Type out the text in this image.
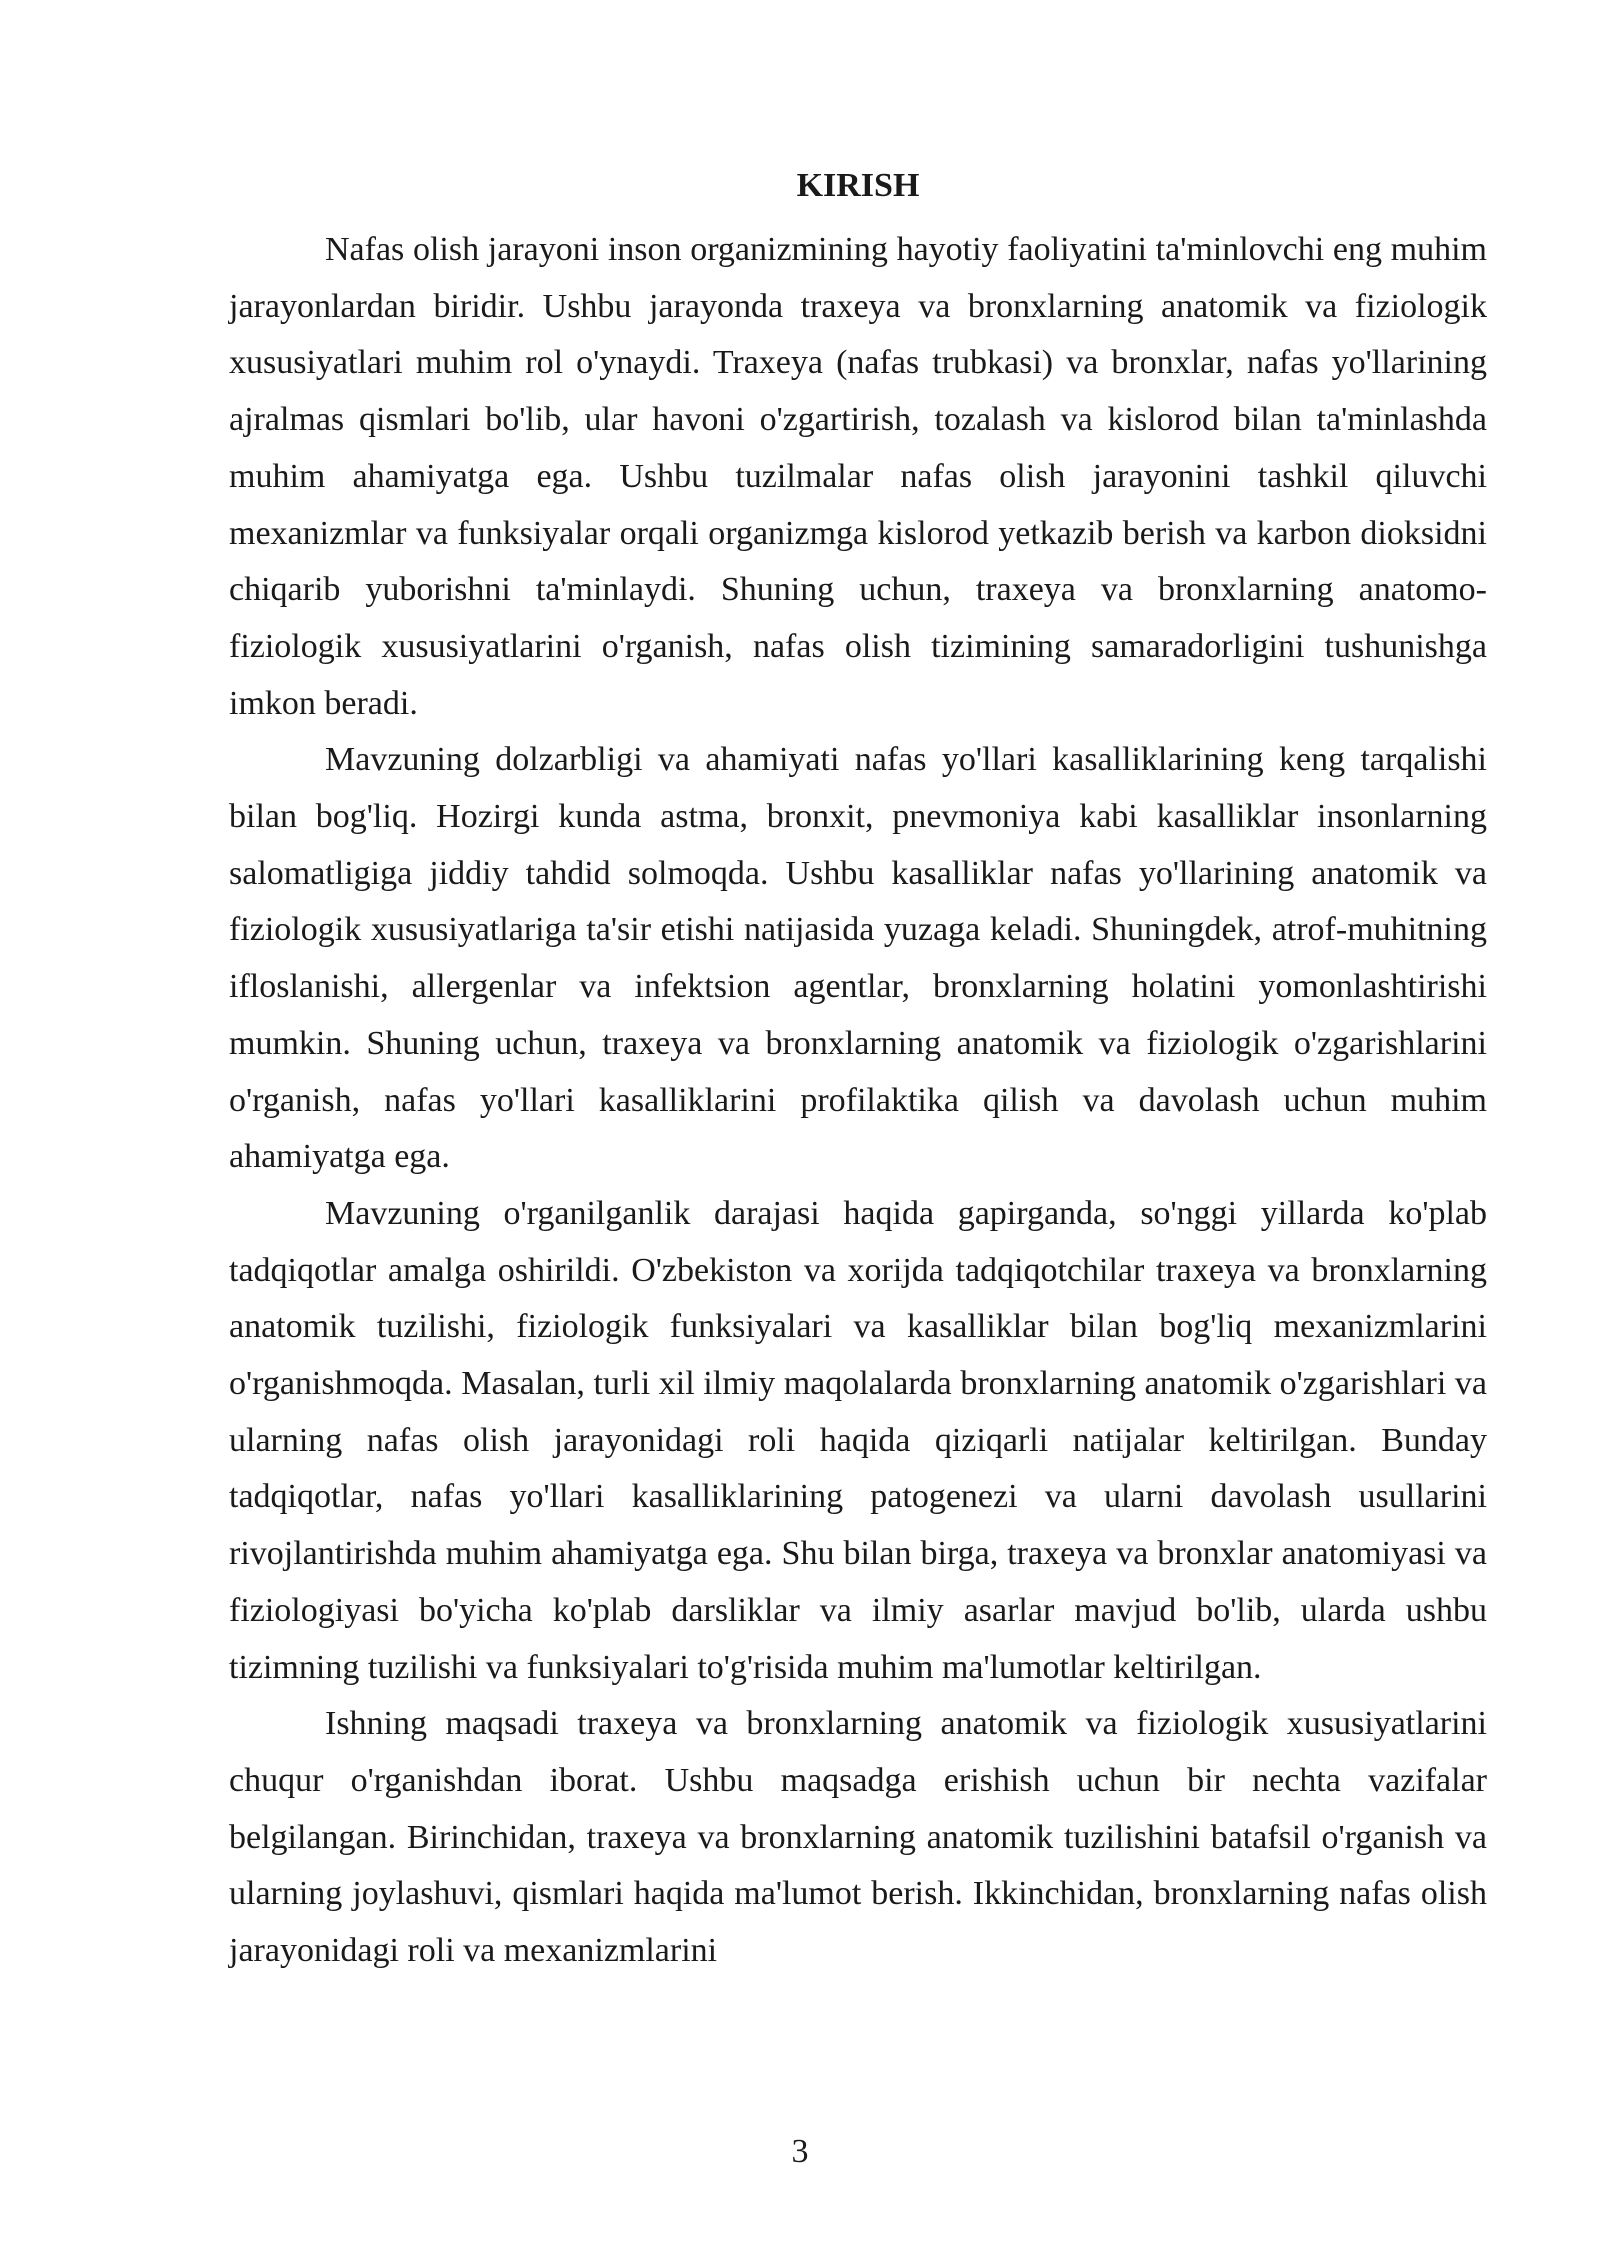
KIRISH

Nafas olish jarayoni inson organizmining hayotiy faoliyatini ta'minlovchi eng muhim jarayonlardan biridir. Ushbu jarayonda traxeya va bronxlarning anatomik va fiziologik xususiyatlari muhim rol o'ynaydi. Traxeya (nafas trubkasi) va bronxlar, nafas yo'llarining ajralmas qismlari bo'lib, ular havoni o'zgartirish, tozalash va kislorod bilan ta'minlashda muhim ahamiyatga ega. Ushbu tuzilmalar nafas olish jarayonini tashkil qiluvchi mexanizmlar va funksiyalar orqali organizmga kislorod yetkazib berish va karbon dioksidni chiqarib yuborishni ta'minlaydi. Shuning uchun, traxeya va bronxlarning anatomo-fiziologik xususiyatlarini o'rganish, nafas olish tizimining samaradorligini tushunishga imkon beradi.

Mavzuning dolzarbligi va ahamiyati nafas yo'llari kasalliklarining keng tarqalishi bilan bog'liq. Hozirgi kunda astma, bronxit, pnevmoniya kabi kasalliklar insonlarning salomatligiga jiddiy tahdid solmoqda. Ushbu kasalliklar nafas yo'llarining anatomik va fiziologik xususiyatlariga ta'sir etishi natijasida yuzaga keladi. Shuningdek, atrof-muhitning ifloslanishi, allergenlar va infektsion agentlar, bronxlarning holatini yomonlashtirishi mumkin. Shuning uchun, traxeya va bronxlarning anatomik va fiziologik o'zgarishlarini o'rganish, nafas yo'llari kasalliklarini profilaktika qilish va davolash uchun muhim ahamiyatga ega.

Mavzuning o'rganilganlik darajasi haqida gapirganda, so'nggi yillarda ko'plab tadqiqotlar amalga oshirildi. O'zbekiston va xorijda tadqiqotchilar traxeya va bronxlarning anatomik tuzilishi, fiziologik funksiyalari va kasalliklar bilan bog'liq mexanizmlarini o'rganishmoqda. Masalan, turli xil ilmiy maqolalarda bronxlarning anatomik o'zgarishlari va ularning nafas olish jarayonidagi roli haqida qiziqarli natijalar keltirilgan. Bunday tadqiqotlar, nafas yo'llari kasalliklarining patogenezi va ularni davolash usullarini rivojlantirishda muhim ahamiyatga ega. Shu bilan birga, traxeya va bronxlar anatomiyasi va fiziologiyasi bo'yicha ko'plab darsliklar va ilmiy asarlar mavjud bo'lib, ularda ushbu tizimning tuzilishi va funksiyalari to'g'risida muhim ma'lumotlar keltirilgan.

Ishning maqsadi traxeya va bronxlarning anatomik va fiziologik xususiyatlarini chuqur o'rganishdan iborat. Ushbu maqsadga erishish uchun bir nechta vazifalar belgilangan. Birinchidan, traxeya va bronxlarning anatomik tuzilishini batafsil o'rganish va ularning joylashuvi, qismlari haqida ma'lumot berish. Ikkinchidan, bronxlarning nafas olish jarayonidagi roli va mexanizmlarini

3
